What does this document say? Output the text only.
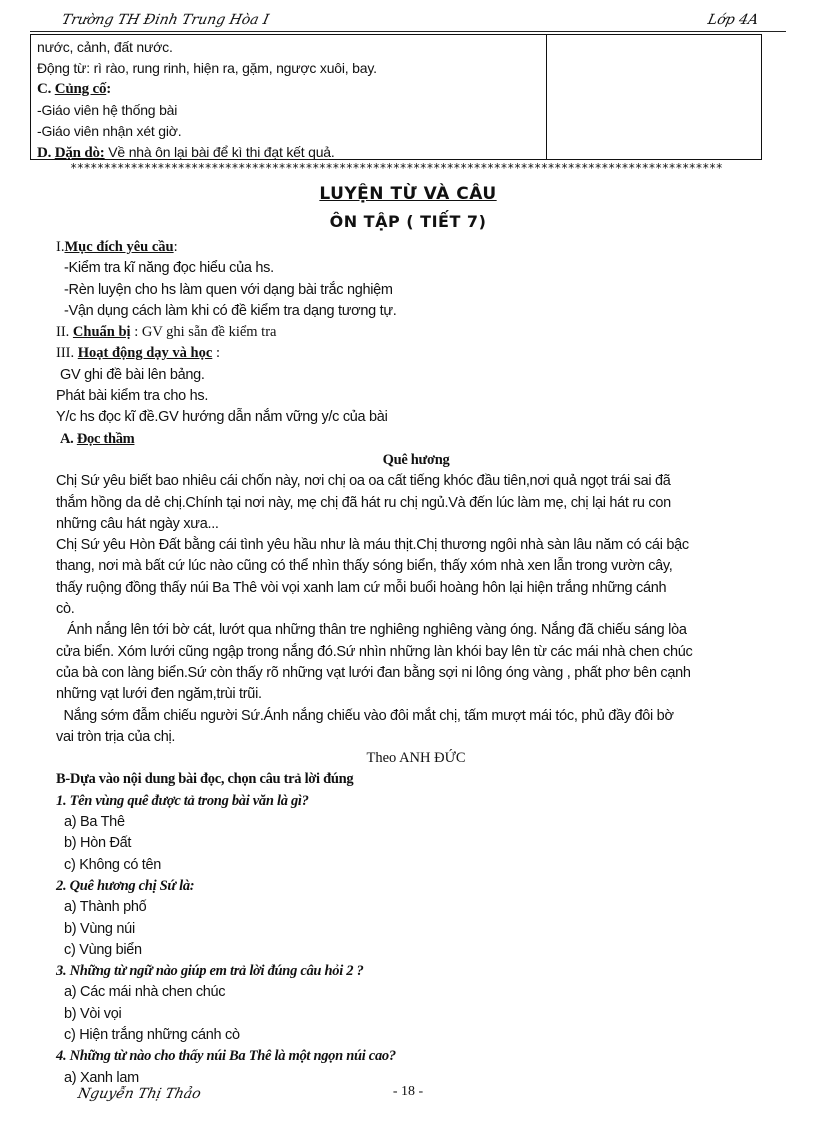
Trường TH Đinh Trung Hòa I	Lớp 4A
nước, cảnh, đất nước.
Động từ: rì rào, rung rinh, hiện ra, gặm, ngược xuôi, bay.
C. Củng cố:
-Giáo viên hệ thống bài
-Giáo viên nhận xét giờ.
D. Dặn dò: Về nhà ôn lại bài để kì thi đạt kết quả.
*************************************************************************************************
LUYỆN TỪ VÀ CÂU
ÔN TẬP ( TIẾT 7)
I.Mục đích yêu cầu:
-Kiểm tra kĩ năng đọc hiểu của hs.
-Rèn luyện cho hs làm quen với dạng bài trắc nghiệm
-Vận dụng cách làm khi có đề kiểm tra dạng tương tự.
II. Chuẩn bị : GV ghi sẵn đề kiểm tra
III. Hoạt động dạy và học :
GV ghi đề bài lên bảng.
Phát bài kiểm tra cho hs.
Y/c hs đọc kĩ đề.GV hướng dẫn nắm vững y/c của bài
A. Đọc thầm
Quê hương
Chị Sứ yêu biết bao nhiêu cái chốn này, nơi chị oa oa cất tiếng khóc đầu tiên,nơi quả ngọt trái sai đã
thắm hồng da dẻ chị.Chính tại nơi này, mẹ chị đã hát ru chị ngủ.Và đến lúc làm mẹ, chị lại hát ru con
những câu hát ngày xưa...
Chị Sứ yêu Hòn Đất bằng cái tình yêu hầu như là máu thịt.Chị thương ngôi nhà sàn lâu năm có cái bậc
thang, nơi mà bất cứ lúc nào cũng có thể nhìn thấy sóng biển, thấy xóm nhà xen lẫn trong vườn cây,
thấy ruộng đồng thấy núi Ba Thê vòi vọi xanh lam cứ mỗi buổi hoàng hôn lại hiện trắng những cánh
cò.
Ánh nắng lên tới bờ cát, lướt qua những thân tre nghiêng nghiêng vàng óng. Nắng đã chiếu sáng lòa
cửa biển. Xóm lưới cũng ngập trong nắng đó.Sứ nhìn những làn khói bay lên từ các mái nhà chen chúc
của bà con làng biển.Sứ còn thấy rõ những vạt lưới đan bằng sợi ni lông óng vàng , phất phơ bên cạnh
những vạt lưới đen ngăm,trùi trũi.
Nắng sớm đẫm chiếu người Sứ.Ánh nắng chiếu vào đôi mắt chị, tấm mượt mái tóc, phủ đầy đôi bờ
vai tròn trịa của chị.
Theo ANH ĐỨC
B-Dựa vào nội dung bài đọc, chọn câu trả lời đúng
1. Tên vùng quê được tả trong bài văn là gì?
a) Ba Thê
b) Hòn Đất
c) Không có tên
2. Quê hương chị Sứ là:
a) Thành phố
b) Vùng núi
c) Vùng biển
3. Những từ ngữ nào giúp em trả lời đúng câu hỏi 2 ?
a) Các mái nhà chen chúc
b) Vòi vọi
c) Hiện trắng những cánh cò
4. Những từ nào cho thấy núi Ba Thê là một ngọn núi cao?
a) Xanh lam
Nguyễn Thị Thảo	- 18 -
